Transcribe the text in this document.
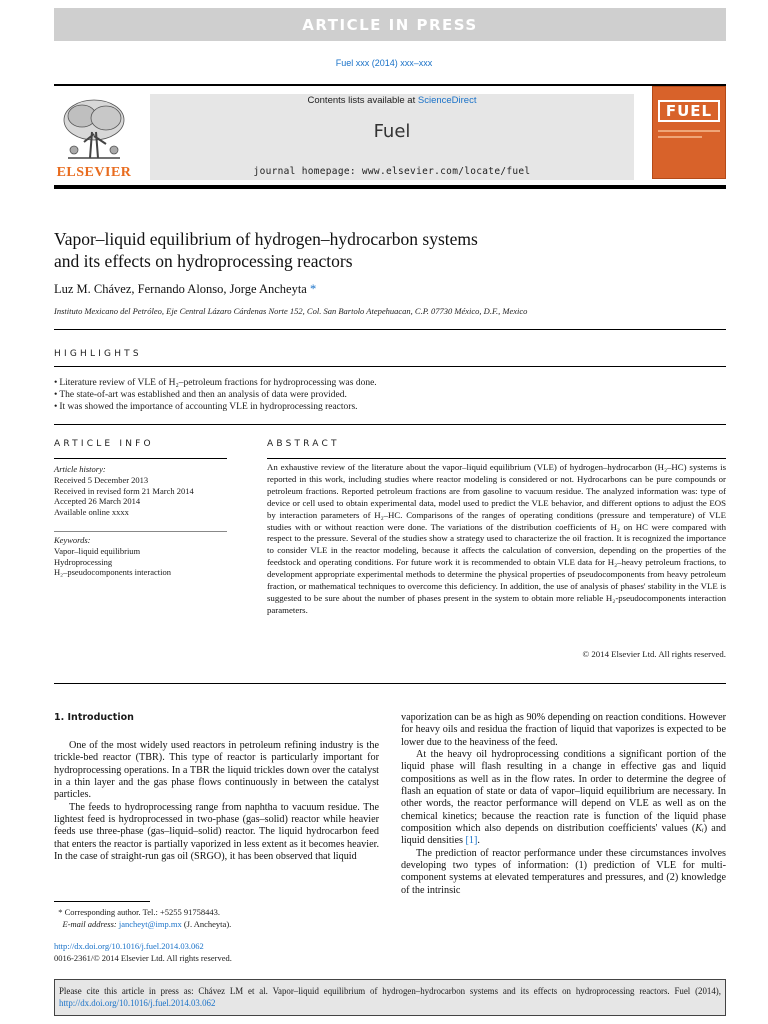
ARTICLE IN PRESS
Fuel xxx (2014) xxx–xxx
ELSEVIER
Contents lists available at ScienceDirect
Fuel
journal homepage: www.elsevier.com/locate/fuel
FUEL
Vapor–liquid equilibrium of hydrogen–hydrocarbon systems
and its effects on hydroprocessing reactors
Luz M. Chávez, Fernando Alonso, Jorge Ancheyta *
Instituto Mexicano del Petróleo, Eje Central Lázaro Cárdenas Norte 152, Col. San Bartolo Atepehuacan, C.P. 07730 México, D.F., Mexico
HIGHLIGHTS
• Literature review of VLE of H₂–petroleum fractions for hydroprocessing was done.
• The state-of-art was established and then an analysis of data were provided.
• It was showed the importance of accounting VLE in hydroprocessing reactors.
ARTICLE INFO
Article history:
Received 5 December 2013
Received in revised form 21 March 2014
Accepted 26 March 2014
Available online xxxx
Keywords:
Vapor–liquid equilibrium
Hydroprocessing
H₂–pseudocomponents interaction
ABSTRACT
An exhaustive review of the literature about the vapor–liquid equilibrium (VLE) of hydrogen–hydrocarbon (H₂–HC) systems is reported in this work, including studies where reactor modeling is considered or not. Hydrocarbons can be pure compounds or petroleum fractions. Reported petroleum fractions are from gasoline to vacuum residue. The analyzed information was: type of device or cell used to obtain experimental data, model used to predict the VLE behavior, and different options to adjust the EOS by interaction parameters of H₂–HC. Comparisons of the ranges of operating conditions (pressure and temperature) of VLE studies with or without reaction were done. The variations of the distribution coefficients of H₂ on HC were compared with respect to the pressure. Several of the studies show a strategy used to characterize the oil fraction. It is recognized the importance to consider VLE in the reactor modeling, because it affects the calculation of conversion, depending on the properties of the feedstock and operating conditions. For future work it is recommended to obtain VLE data for H₂–heavy petroleum fractions, to development appropriate experimental methods to determine the physical properties of pseudocomponents from heavy petroleum fraction, or mathematical techniques to overcome this deficiency. In addition, the use of analysis of phases' stability in the VLE is suggested to be sure about the number of phases present in the system to obtain more reliable H₂-pseudocomponents interaction parameters.
© 2014 Elsevier Ltd. All rights reserved.
1. Introduction

One of the most widely used reactors in petroleum refining industry is the trickle-bed reactor (TBR). This type of reactor is particularly important for hydroprocessing operations. In a TBR the liquid trickles down over the catalyst in a thin layer and the gas phase flows continuously in between the catalyst particles.

The feeds to hydroprocessing range from naphtha to vacuum residue. The lightest feed is hydroprocessed in two-phase (gas–solid) reactor while heavier feeds use three-phase (gas–liquid–solid) reactor. The liquid hydrocarbon feed that enters the reactor is partially vaporized in less extent as it becomes heavier. In the case of straight-run gas oil (SRGO), it has been observed that liquid

vaporization can be as high as 90% depending on reaction conditions. However for heavy oils and residua the fraction of liquid that vaporizes is expected to be lower due to the heaviness of the feed.

At the heavy oil hydroprocessing conditions a significant portion of the liquid phase will flash resulting in a change in effective gas and liquid compositions as well as in the flow rates. In order to determine the degree of flash an equation of state or data of vapor–liquid equilibrium are necessary. In other words, the reactor performance will depend on VLE as well as on the chemical kinetics; because the reaction rate is function of the liquid phase composition which also depends on distribution coefficients' values (Kᵢ) and liquid densities [1].

The prediction of reactor performance under these circumstances involves developing two types of information: (1) prediction of VLE for multi-component systems at elevated temperatures and pressures, and (2) knowledge of the intrinsic

* Corresponding author. Tel.: +5255 91758443.
E-mail address: jancheyt@imp.mx (J. Ancheyta).
http://dx.doi.org/10.1016/j.fuel.2014.03.062
0016-2361/© 2014 Elsevier Ltd. All rights reserved.
Please cite this article in press as: Chávez LM et al. Vapor–liquid equilibrium of hydrogen–hydrocarbon systems and its effects on hydroprocessing reactors. Fuel (2014), http://dx.doi.org/10.1016/j.fuel.2014.03.062
